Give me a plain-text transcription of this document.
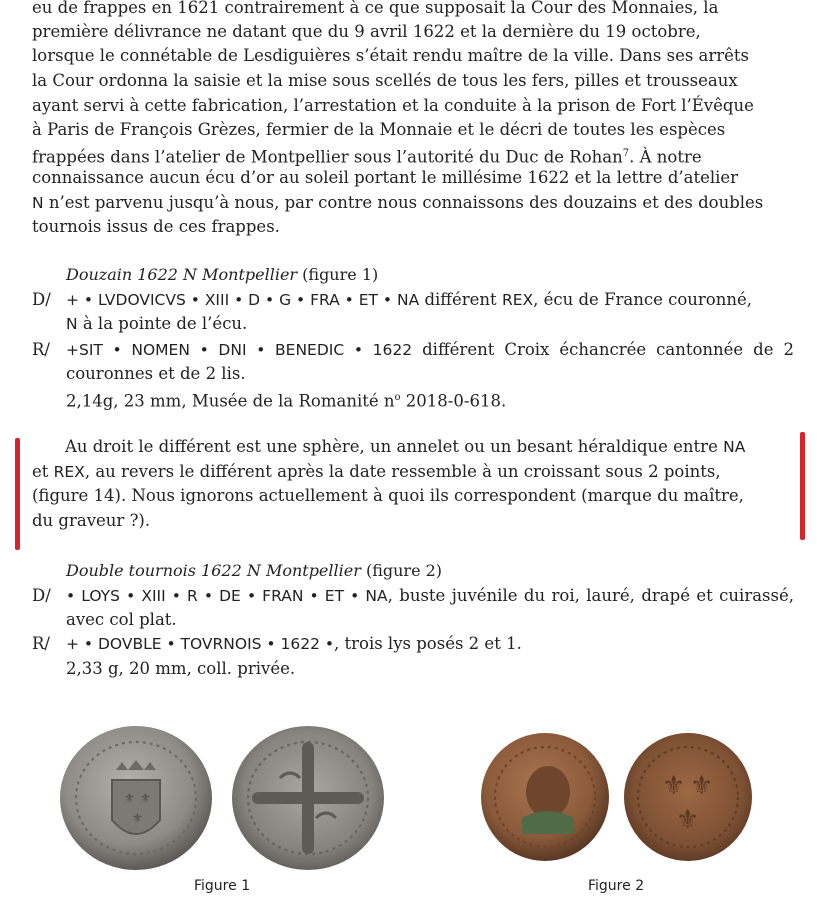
eu de frappes en 1621 contrairement à ce que supposait la Cour des Monnaies, la

première délivrance ne datant que du 9 avril 1622 et la dernière du 19 octobre,

lorsque le connétable de Lesdiguières s’était rendu maître de la ville. Dans ses arrêts

la Cour ordonna la saisie et la mise sous scellés de tous les fers, pilles et trousseaux

ayant servi à cette fabrication, l’arrestation et la conduite à la prison de Fort l’Évêque

à Paris de François Grèzes, fermier de la Monnaie et le décri de toutes les espèces

frappées dans l’atelier de Montpellier sous l’autorité du Duc de Rohan$^7$. À notre

connaissance aucun écu d’or au soleil portant le millésime 1622 et la lettre d’atelier

N n’est parvenu jusqu’à nous, par contre nous connaissons des douzains et des doubles

tournois issus de ces frappes.

Douzain 1622 N Montpellier (figure 1)

D/ + • LVDOVICVS • XIII • D • G • FRA • ET • NA différent REX, écu de France couronné,
N à la pointe de l’écu.
R/	+SIT • NOMEN • DNI • BENEDIC • 1622 différent Croix échancrée cantonnée de 2 couronnes et de 2 lis.

2,14g, 23 mm, Musée de la Romanité $n^o$ 2018-0-618.

Au droit le différent est une sphère, un annelet ou un besant héraldique entre NA

et REX, au revers le différent après la date ressemble à un croissant sous 2 points,

(figure 14). Nous ignorons actuellement à quoi ils correspondent (marque du maître,

du graveur ?).

Double tournois 1622 N Montpellier (figure 2)

D/ • LOYS • XIII • R • DE • FRAN • ET • NA, buste juvénile du roi, lauré, drapé et cuirassé, avec col plat.
R/	+ • DOVBLE • TOVRNOIS • 1622 •, trois lys posés 2 et 1.

2,33 g, 20 mm, coll. privée.

⚜ ⚜
⚜
⚜ ⚜
⚜
Figure 1	Figure 2
